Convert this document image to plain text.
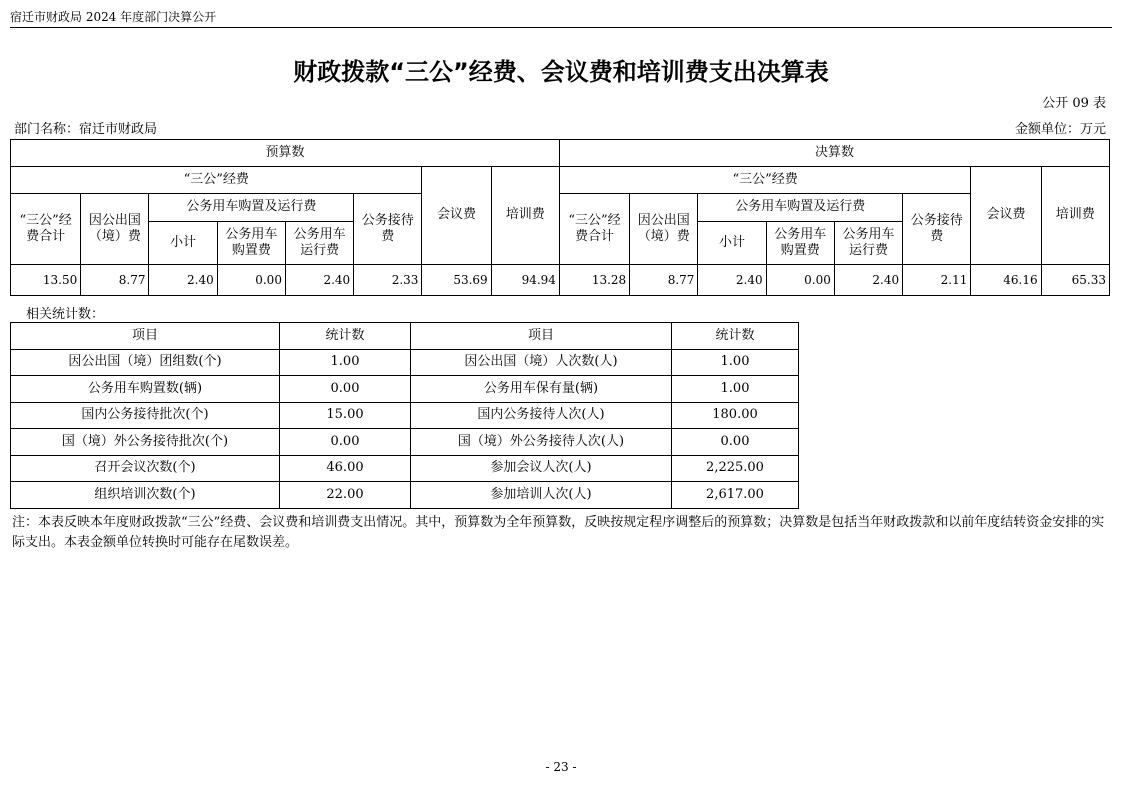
宿迁市财政局 2024 年度部门决算公开
财政拨款“三公”经费、会议费和培训费支出决算表
公开 09 表
部门名称：宿迁市财政局	金额单位：万元
预算数								决算数							
“三公”经费						会议费	培训费	“三公”经费						会议费	培训费
“三公”经费合计	因公出国（境）费	公务用车购置及运行费			公务接待费			“三公”经费合计	因公出国（境）费	公务用车购置及运行费			公务接待费		
		小计	公务用车购置费	公务用车运行费						小计	公务用车购置费	公务用车运行费			
13.50	8.77	2.40	0.00	2.40	2.33	53.69	94.94	13.28	8.77	2.40	0.00	2.40	2.11	46.16	65.33
相关统计数：
项目	统计数	项目	统计数
因公出国（境）团组数(个)	1.00	因公出国（境）人次数(人)	1.00
公务用车购置数(辆)	0.00	公务用车保有量(辆)	1.00
国内公务接待批次(个)	15.00	国内公务接待人次(人)	180.00
国（境）外公务接待批次(个)	0.00	国（境）外公务接待人次(人)	0.00
召开会议次数(个)	46.00	参加会议人次(人)	2,225.00
组织培训次数(个)	22.00	参加培训人次(人)	2,617.00
注：本表反映本年度财政拨款“三公”经费、会议费和培训费支出情况。其中，预算数为全年预算数，反映按规定程序调整后的预算数；决算数是包括当年财政拨款和以前年度结转资金安排的实际支出。本表金额单位转换时可能存在尾数误差。
- 23 -
